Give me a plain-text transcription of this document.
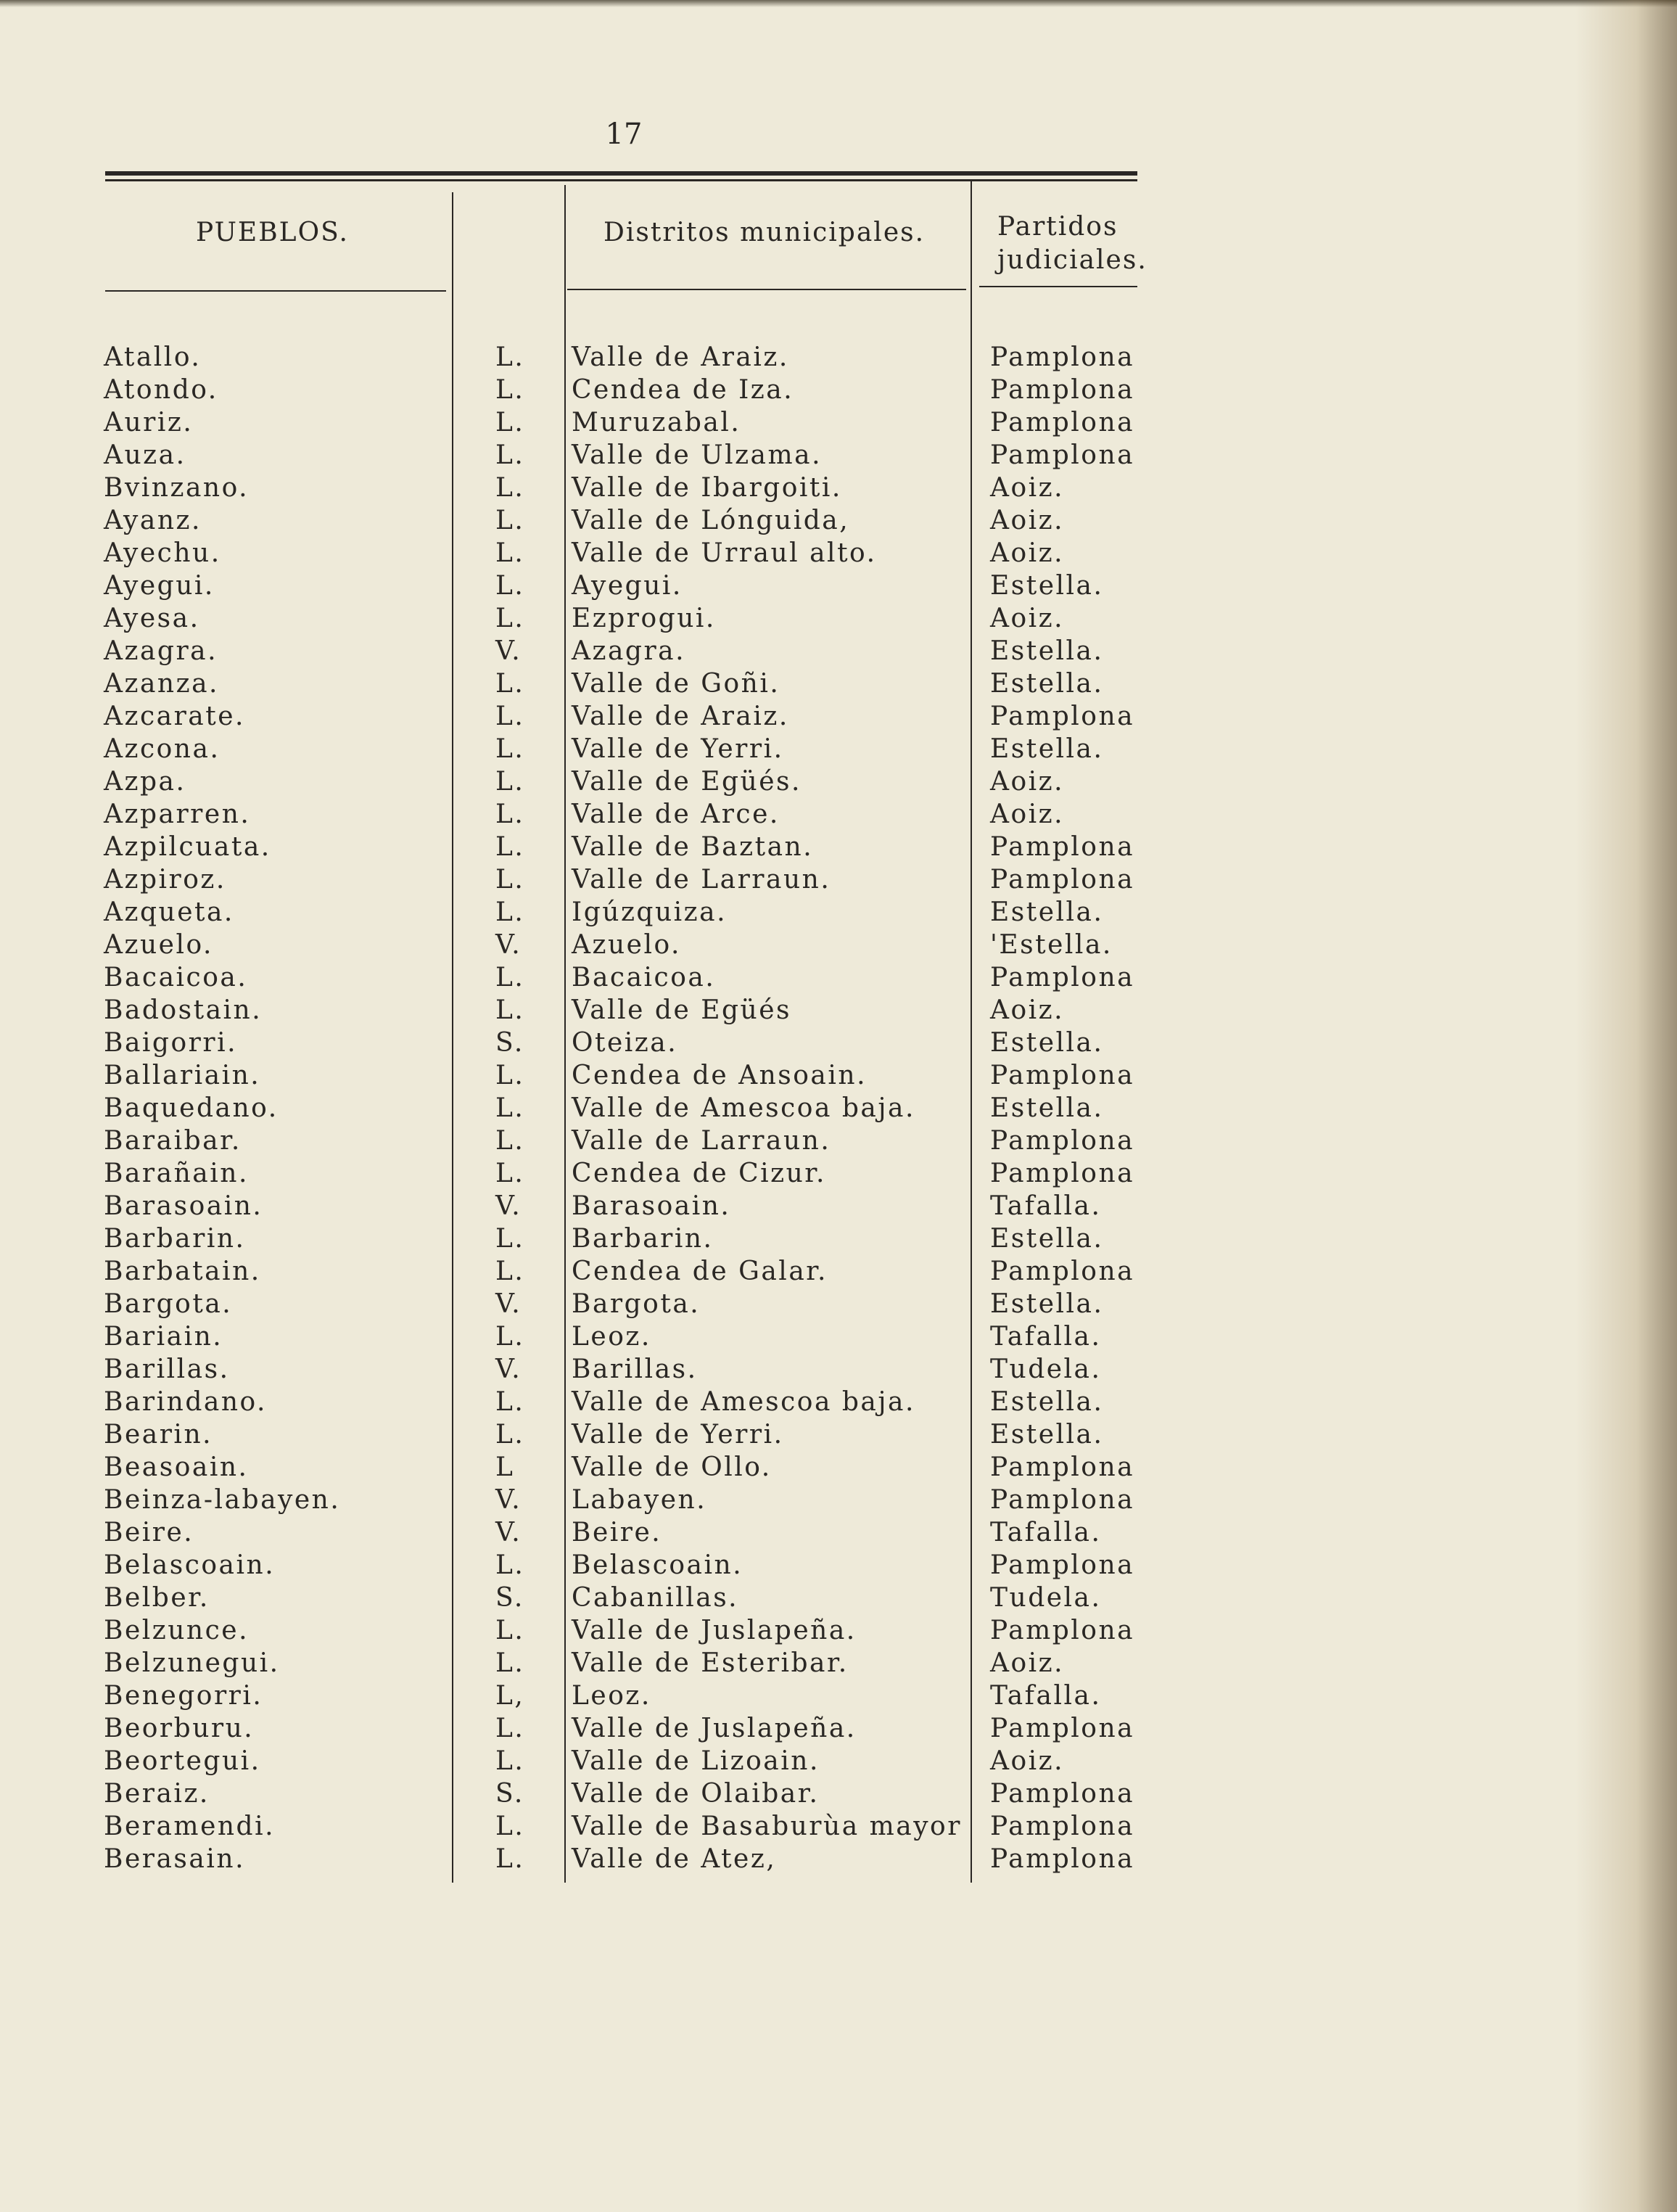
17
PUEBLOS.	Distritos municipales.	Partidos
judiciales.
Atallo.	L. Valle de Araiz.	Pamplona
Atondo.	L. Cendea de Iza.	Pamplona
Auriz.	L. Muruzabal.	Pamplona
Auza.	L. Valle de Ulzama.	Pamplona
Bvinzano.	L. Valle de Ibargoiti.	Aoiz.
Ayanz.	L. Valle de Lónguida,	Aoiz.
Ayechu.	L. Valle de Urraul alto.	Aoiz.
Ayegui.	L. Ayegui.	Estella.
Ayesa.	L. Ezprogui.	Aoiz.
Azagra.	V. Azagra.	Estella.
Azanza.	L. Valle de Goñi.	Estella.
Azcarate.	L. Valle de Araiz.	Pamplona
Azcona.	L. Valle de Yerri.	Estella.
Azpa.	L. Valle de Egüés.	Aoiz.
Azparren.	L. Valle de Arce.	Aoiz.
Azpilcuata.	L. Valle de Baztan.	Pamplona
Azpiroz.	L. Valle de Larraun.	Pamplona
Azqueta.	L. Igúzquiza.	Estella.
Azuelo.	V. Azuelo.	'Estella.
Bacaicoa.	L. Bacaicoa.	Pamplona
Badostain.	L. Valle de Egüés	Aoiz.
Baigorri.	S. Oteiza.	Estella.
Ballariain.	L. Cendea de Ansoain.	Pamplona
Baquedano.	L. Valle de Amescoa baja.	Estella.
Baraibar.	L. Valle de Larraun.	Pamplona
Barañain.	L. Cendea de Cizur.	Pamplona
Barasoain.	V. Barasoain.	Tafalla.
Barbarin.	L. Barbarin.	Estella.
Barbatain.	L. Cendea de Galar.	Pamplona
Bargota.	V. Bargota.	Estella.
Bariain.	L. Leoz.	Tafalla.
Barillas.	V. Barillas.	Tudela.
Barindano.	L. Valle de Amescoa baja.	Estella.
Bearin.	L. Valle de Yerri.	Estella.
Beasoain.	L Valle de Ollo.	Pamplona
Beinza-labayen.	V. Labayen.	Pamplona
Beire.	V. Beire.	Tafalla.
Belascoain.	L. Belascoain.	Pamplona
Belber.	S. Cabanillas.	Tudela.
Belzunce.	L. Valle de Juslapeña.	Pamplona
Belzunegui.	L. Valle de Esteribar.	Aoiz.
Benegorri.	L, Leoz.	Tafalla.
Beorburu.	L. Valle de Juslapeña.	Pamplona
Beortegui.	L. Valle de Lizoain.	Aoiz.
Beraiz.	S. Valle de Olaibar.	Pamplona
Beramendi.	L. Valle de Basaburùa mayor Pamplona
Berasain.	L. Valle de Atez,	Pamplona
